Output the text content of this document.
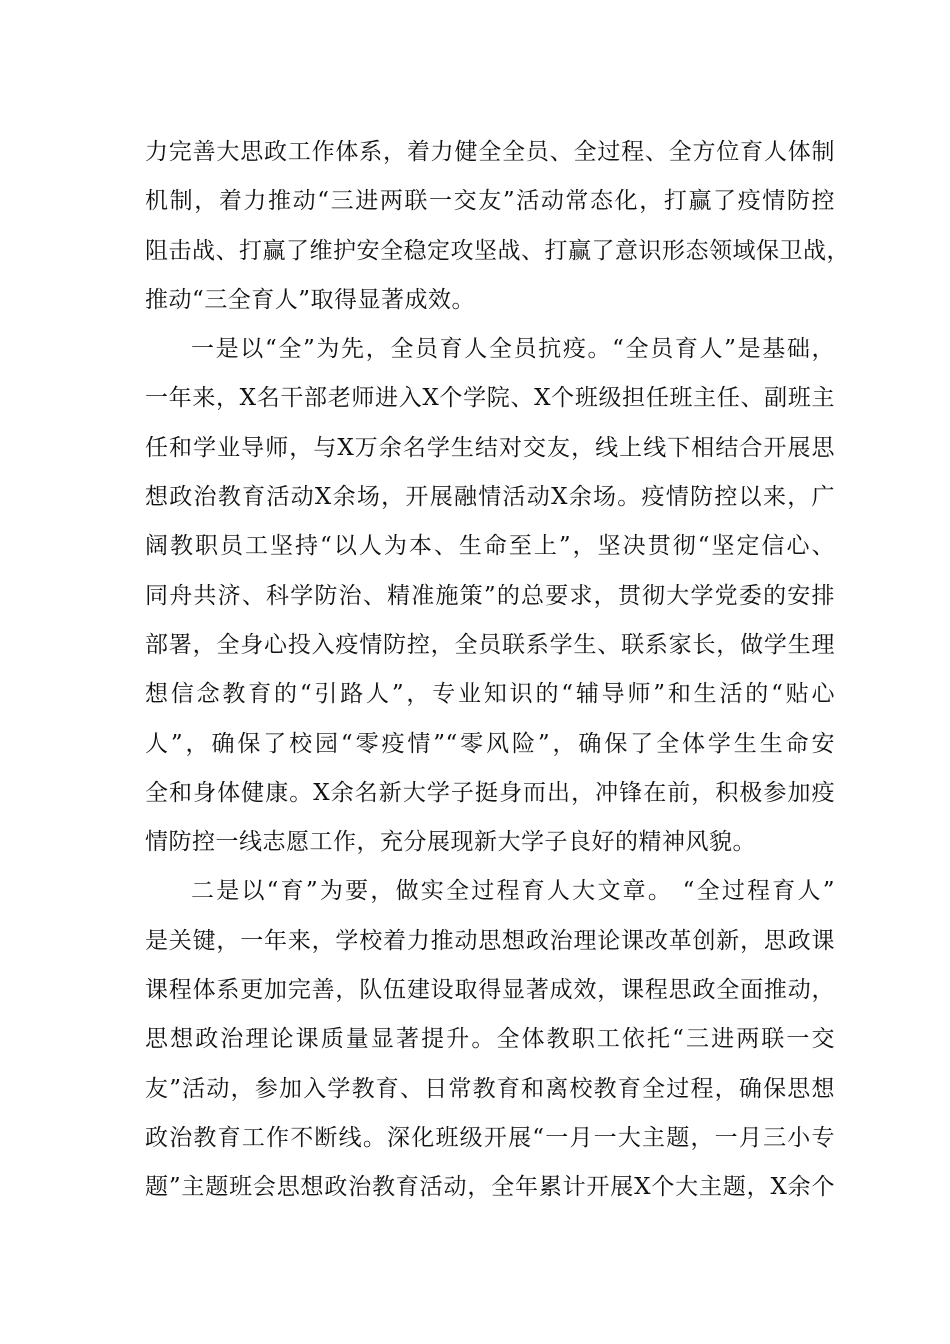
力完善大思政工作体系，着力健全全员、全过程、全方位育人体制
机制，着力推动“三进两联一交友”活动常态化，打赢了疫情防控
阻击战、打赢了维护安全稳定攻坚战、打赢了意识形态领域保卫战，
推动“三全育人”取得显著成效。
一是以“全”为先，全员育人全员抗疫。“全员育人”是基础，
一年来，X名干部老师进入X个学院、X个班级担任班主任、副班主
任和学业导师，与X万余名学生结对交友，线上线下相结合开展思
想政治教育活动X余场，开展融情活动X余场。疫情防控以来，广
阔教职员工坚持“以人为本、生命至上”，坚决贯彻“坚定信心、
同舟共济、科学防治、精准施策”的总要求，贯彻大学党委的安排
部署，全身心投入疫情防控，全员联系学生、联系家长，做学生理
想信念教育的“引路人”，专业知识的“辅导师”和生活的“贴心
人”，确保了校园“零疫情”“零风险”，确保了全体学生生命安
全和身体健康。X余名新大学子挺身而出，冲锋在前，积极参加疫
情防控一线志愿工作，充分展现新大学子良好的精神风貌。
二是以“育”为要，做实全过程育人大文章。 “全过程育人”
是关键，一年来，学校着力推动思想政治理论课改革创新，思政课
课程体系更加完善，队伍建设取得显著成效，课程思政全面推动，
思想政治理论课质量显著提升。全体教职工依托“三进两联一交
友”活动，参加入学教育、日常教育和离校教育全过程，确保思想
政治教育工作不断线。深化班级开展“一月一大主题，一月三小专
题”主题班会思想政治教育活动，全年累计开展X个大主题，X余个
